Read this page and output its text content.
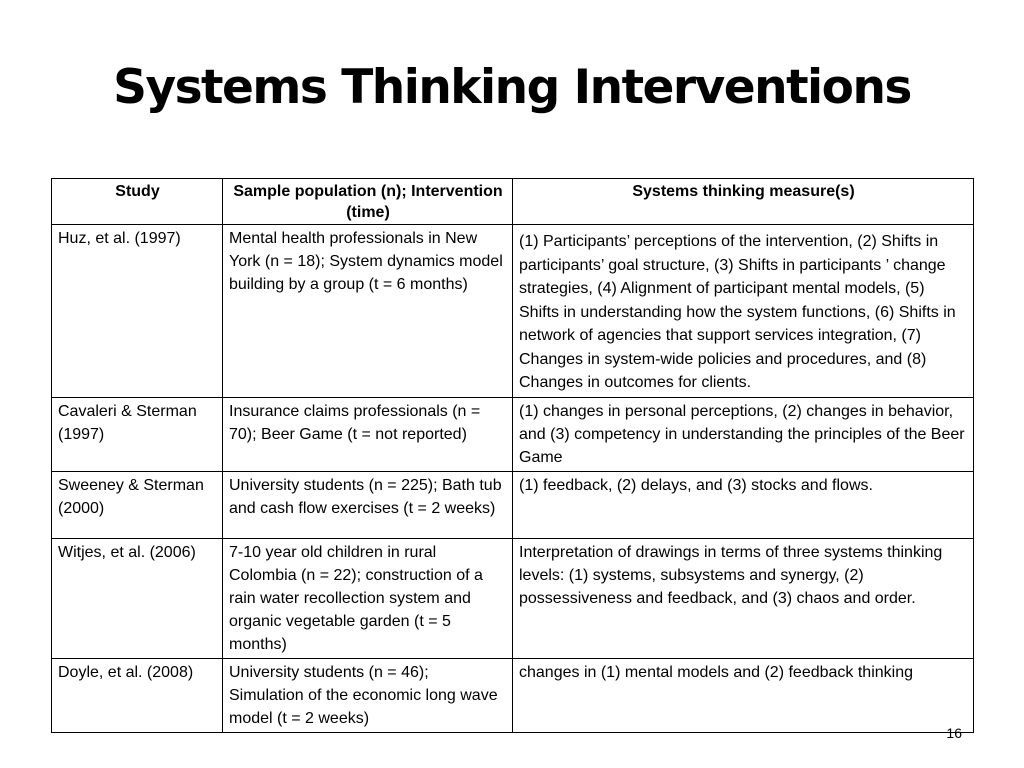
Systems Thinking Interventions
Study	Sample population (n); Intervention (time)	Systems thinking measure(s)
Huz, et al. (1997)	Mental health professionals in New York (n = 18); System dynamics model building by a group (t = 6 months)	(1) Participants’ perceptions of the intervention, (2) Shifts in participants’ goal structure, (3) Shifts in participants ’ change strategies, (4) Alignment of participant mental models, (5) Shifts in understanding how the system functions, (6) Shifts in network of agencies that support services integration, (7) Changes in system-wide policies and procedures, and (8) Changes in outcomes for clients.
Cavaleri & Sterman (1997)	Insurance claims professionals (n = 70); Beer Game (t = not reported)	(1) changes in personal perceptions, (2) changes in behavior, and (3) competency in understanding the principles of the Beer Game
Sweeney & Sterman (2000)	University students (n = 225); Bath tub and cash flow exercises (t = 2 weeks)	(1) feedback, (2) delays, and (3) stocks and flows.
Witjes, et al. (2006)	7-10 year old children in rural Colombia (n = 22); construction of a rain water recollection system and organic vegetable garden (t = 5 months)	Interpretation of drawings in terms of three systems thinking levels: (1) systems, subsystems and synergy, (2) possessiveness and feedback, and (3) chaos and order.
Doyle, et al. (2008)	University students (n = 46); Simulation of the economic long wave model (t = 2 weeks)	changes in (1) mental models and (2) feedback thinking
16
